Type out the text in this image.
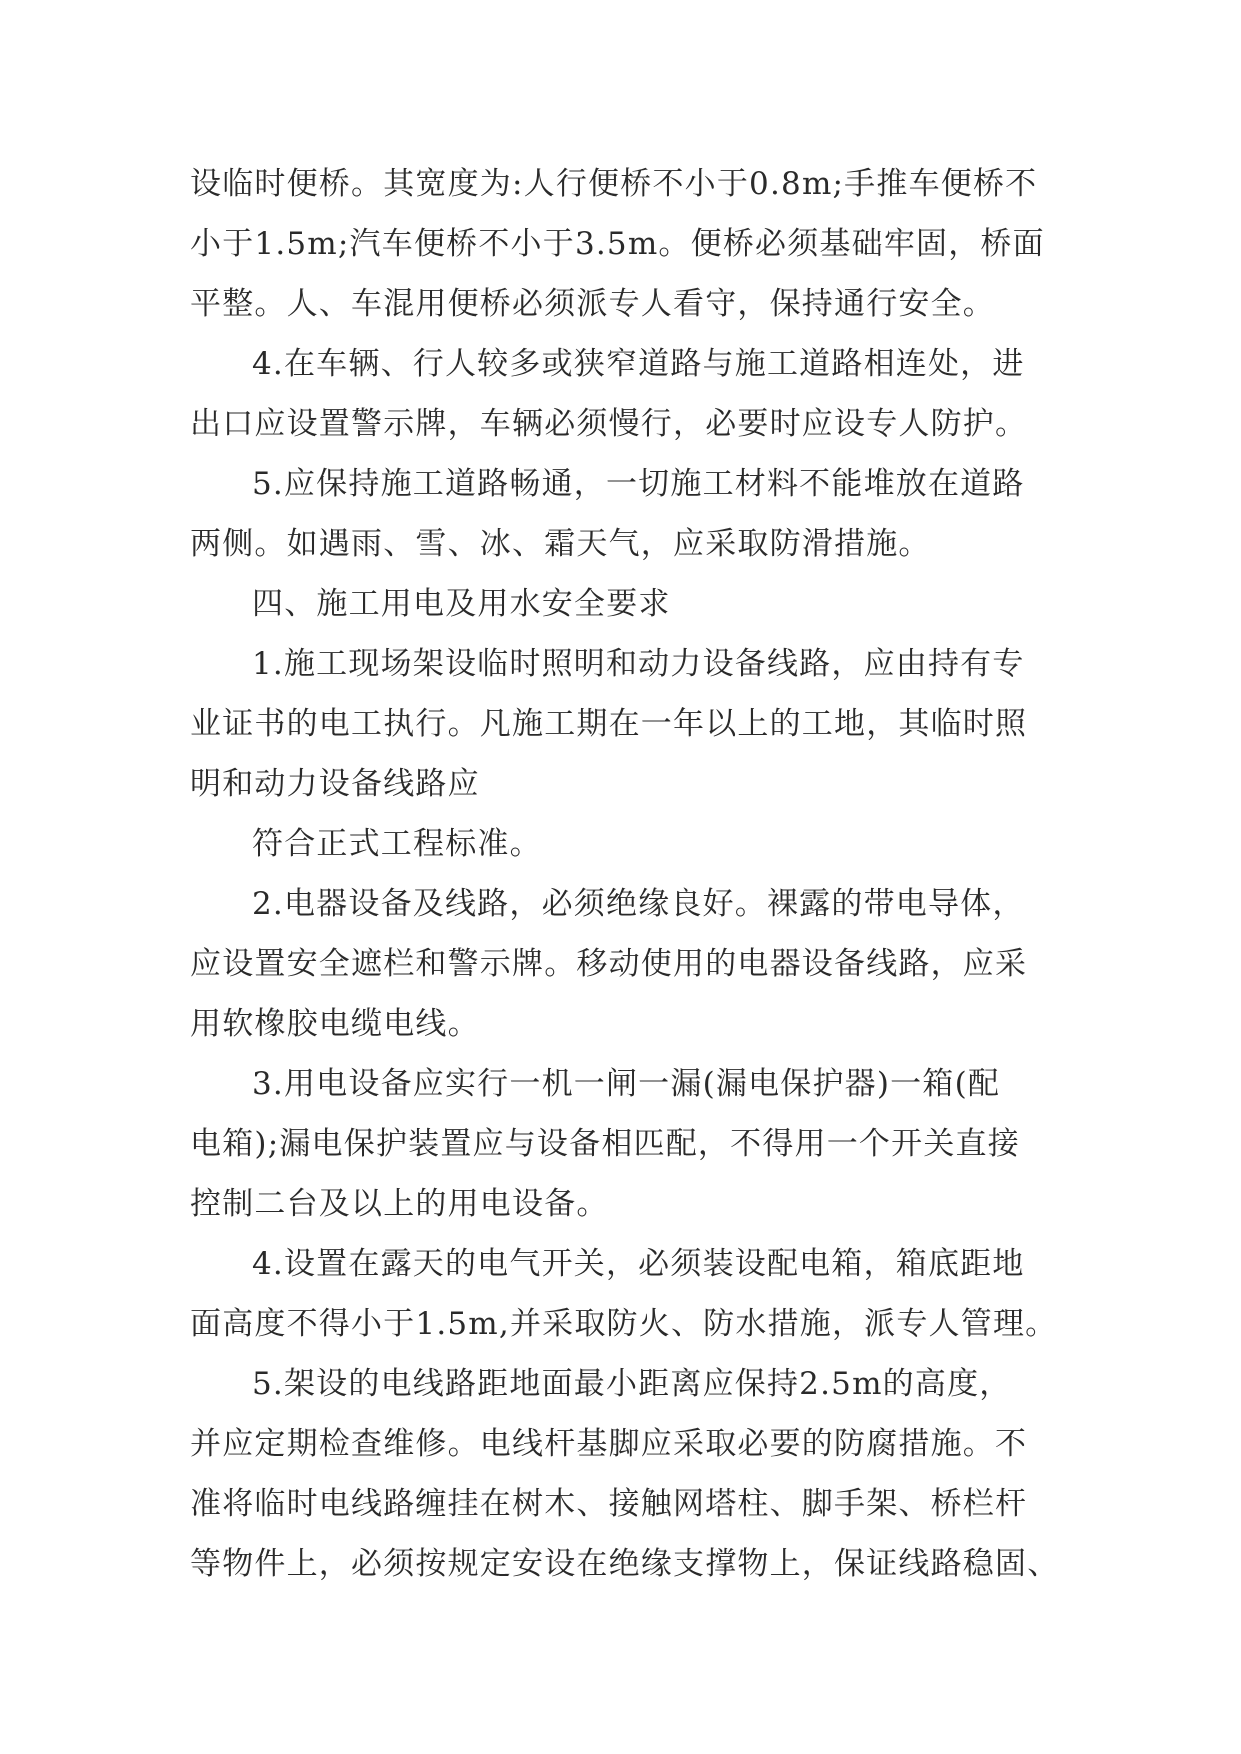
设临时便桥。其宽度为:人行便桥不小于0.8m;手推车便桥不
小于1.5m;汽车便桥不小于3.5m。便桥必须基础牢固，桥面
平整。人、车混用便桥必须派专人看守，保持通行安全。
4.在车辆、行人较多或狭窄道路与施工道路相连处，进
出口应设置警示牌，车辆必须慢行，必要时应设专人防护。
5.应保持施工道路畅通，一切施工材料不能堆放在道路
两侧。如遇雨、雪、冰、霜天气，应采取防滑措施。
四、施工用电及用水安全要求
1.施工现场架设临时照明和动力设备线路，应由持有专
业证书的电工执行。凡施工期在一年以上的工地，其临时照
明和动力设备线路应
符合正式工程标准。
2.电器设备及线路，必须绝缘良好。裸露的带电导体，
应设置安全遮栏和警示牌。移动使用的电器设备线路，应采
用软橡胶电缆电线。
3.用电设备应实行一机一闸一漏(漏电保护器)一箱(配
电箱);漏电保护装置应与设备相匹配，不得用一个开关直接
控制二台及以上的用电设备。
4.设置在露天的电气开关，必须装设配电箱，箱底距地
面高度不得小于1.5m,并采取防火、防水措施，派专人管理。
5.架设的电线路距地面最小距离应保持2.5m的高度，
并应定期检查维修。电线杆基脚应采取必要的防腐措施。不
准将临时电线路缠挂在树木、接触网塔柱、脚手架、桥栏杆
等物件上，必须按规定安设在绝缘支撑物上，保证线路稳固、
